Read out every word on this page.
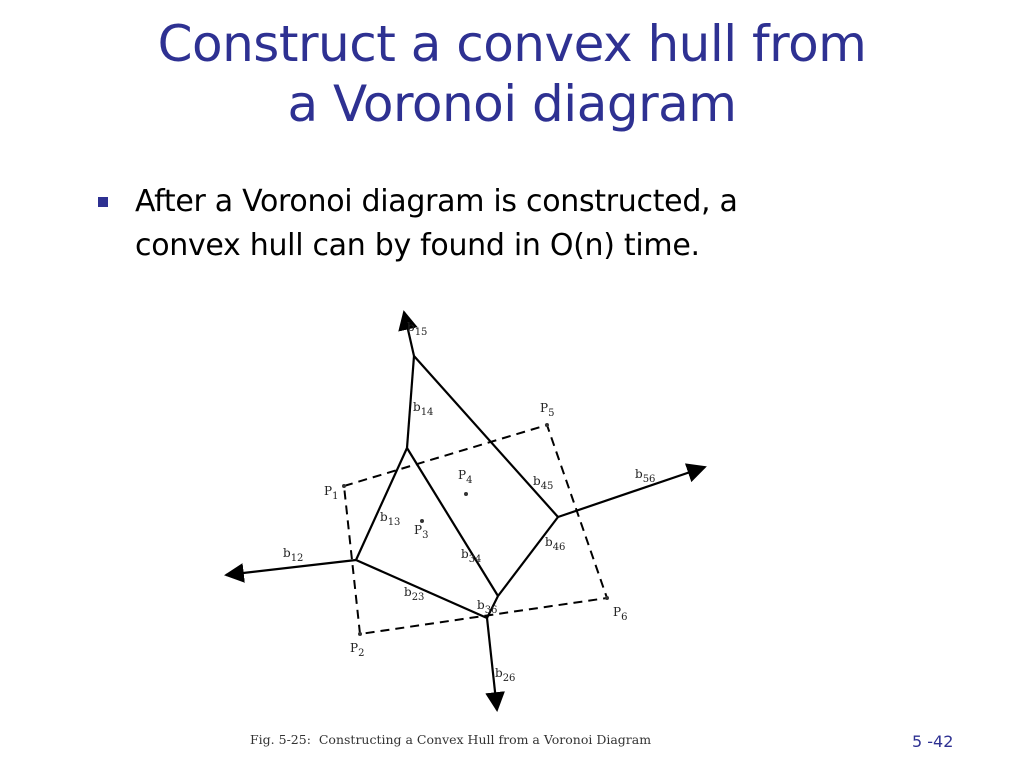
Construct a convex hull from
a Voronoi diagram
After a Voronoi diagram is constructed, a
convex hull can by found in O(n) time.
$P_1$
$P_2$
$P_3$
$P_4$
$P_5$
$P_6$
$b_{15}$
$b_{14}$
$b_{13}$
$b_{12}$
$b_{45}$
$b_{56}$
$b_{34}$
$b_{46}$
$b_{23}$
$b_{36}$
$b_{26}$
Fig. 5-25:  Constructing a Convex Hull from a Voronoi Diagram	5 -42
